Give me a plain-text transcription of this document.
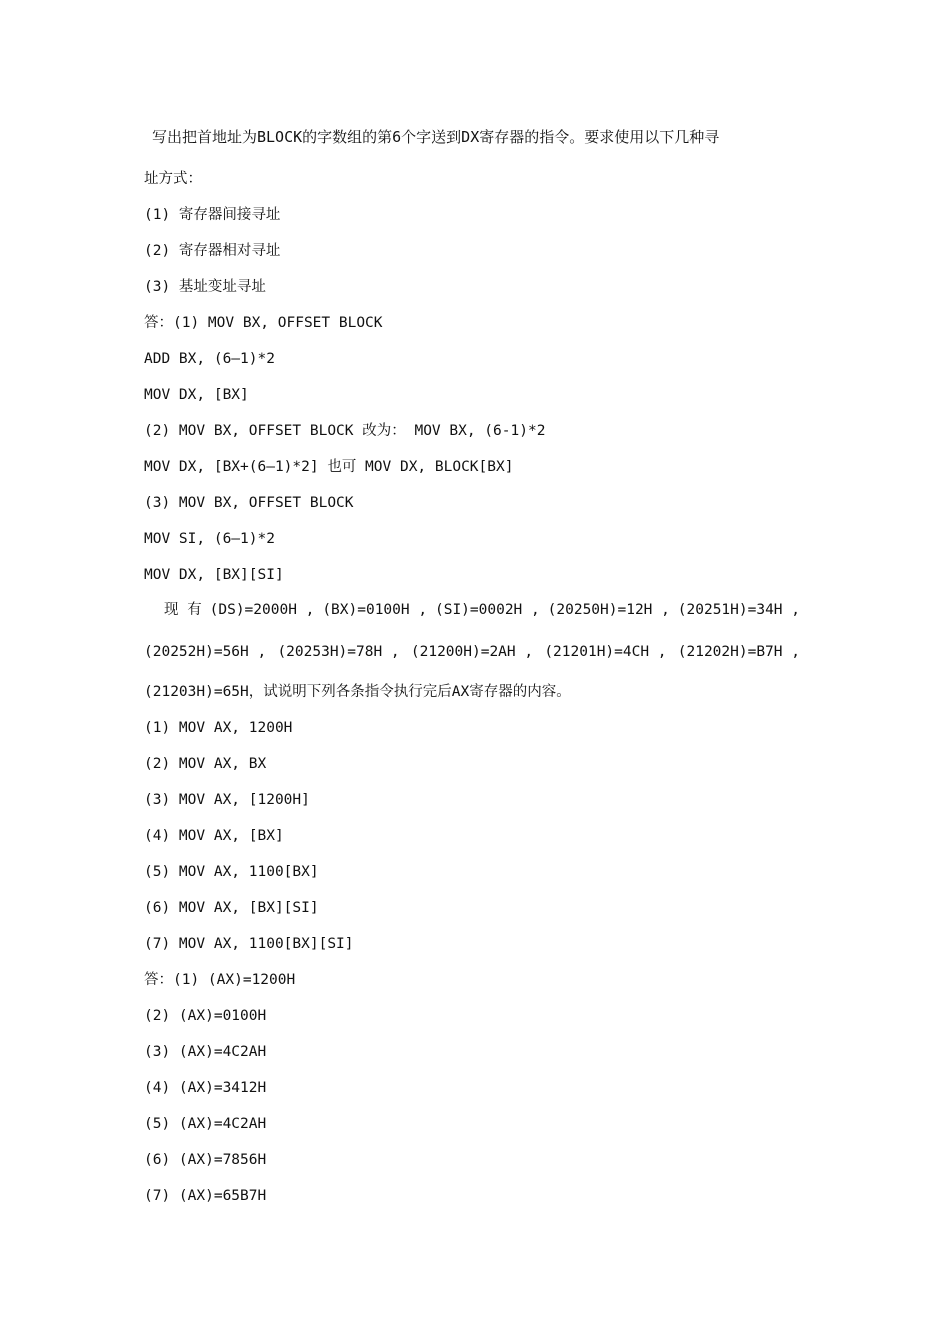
写出把首地址为BLOCK的字数组的第6个字送到DX寄存器的指令。要求使用以下几种寻
址方式：
(1) 寄存器间接寻址
(2) 寄存器相对寻址
(3) 基址变址寻址
答：(1) MOV BX, OFFSET BLOCK
ADD BX, (6–1)*2
MOV DX, [BX]
(2) MOV BX, OFFSET BLOCK 改为： MOV BX, (6-1)*2
MOV DX, [BX+(6–1)*2] 也可 MOV DX, BLOCK[BX]
(3) MOV BX, OFFSET BLOCK
MOV SI, (6–1)*2
MOV DX, [BX][SI]
现 有 (DS)=2000H , (BX)=0100H , (SI)=0002H , (20250H)=12H , (20251H)=34H ,
(20252H)=56H , (20253H)=78H , (21200H)=2AH , (21201H)=4CH , (21202H)=B7H ,
(21203H)=65H，试说明下列各条指令执行完后AX寄存器的内容。
(1) MOV AX, 1200H
(2) MOV AX, BX
(3) MOV AX, [1200H]
(4) MOV AX, [BX]
(5) MOV AX, 1100[BX]
(6) MOV AX, [BX][SI]
(7) MOV AX, 1100[BX][SI]
答：(1) (AX)=1200H
(2) (AX)=0100H
(3) (AX)=4C2AH
(4) (AX)=3412H
(5) (AX)=4C2AH
(6) (AX)=7856H
(7) (AX)=65B7H
